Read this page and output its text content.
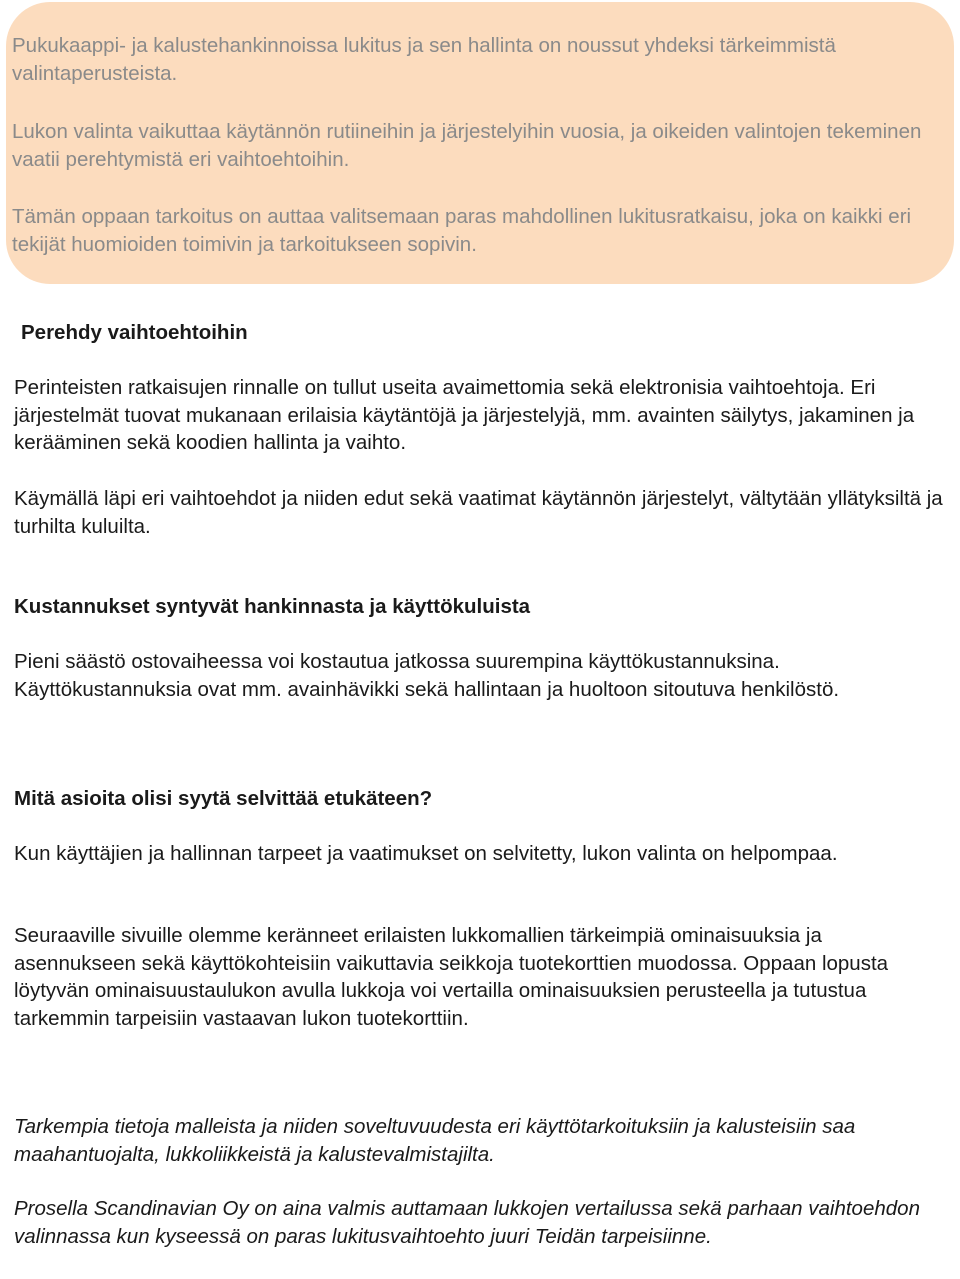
Pukukaappi- ja kalustehankinnoissa lukitus ja sen hallinta on noussut yhdeksi tärkeimmistä valintaperusteista.

Lukon valinta vaikuttaa käytännön rutiineihin ja järjestelyihin vuosia, ja oikeiden valintojen tekeminen vaatii perehtymistä eri vaihtoehtoihin.

Tämän oppaan tarkoitus on auttaa valitsemaan paras mahdollinen lukitusratkaisu, joka on kaikki eri tekijät huomioiden toimivin ja tarkoitukseen sopivin.

Perehdy vaihtoehtoihin

Perinteisten ratkaisujen rinnalle on tullut useita avaimettomia sekä elektronisia vaihtoehtoja. Eri järjestelmät tuovat mukanaan erilaisia käytäntöjä ja järjestelyjä, mm. avainten säilytys, jakaminen ja kerääminen sekä koodien hallinta ja vaihto.

Käymällä läpi eri vaihtoehdot ja niiden edut sekä vaatimat käytännön järjestelyt, vältytään yllätyksiltä ja turhilta kuluilta.

Kustannukset syntyvät hankinnasta ja käyttökuluista

Pieni säästö ostovaiheessa voi kostautua jatkossa suurempina käyttökustannuksina. Käyttökustannuksia ovat mm. avainhävikki sekä hallintaan ja huoltoon sitoutuva henkilöstö.

Mitä asioita olisi syytä selvittää etukäteen?

Kun käyttäjien ja hallinnan tarpeet ja vaatimukset on selvitetty, lukon valinta on helpompaa.

Seuraaville sivuille olemme keränneet erilaisten lukkomallien tärkeimpiä ominaisuuksia ja asennukseen sekä käyttökohteisiin vaikuttavia seikkoja tuotekorttien muodossa. Oppaan lopusta löytyvän ominaisuustaulukon avulla lukkoja voi vertailla ominaisuuksien perusteella ja tutustua tarkemmin tarpeisiin vastaavan lukon tuotekorttiin.

Tarkempia tietoja malleista ja niiden soveltuvuudesta eri käyttötarkoituksiin ja kalusteisiin saa maahantuojalta, lukkoliikkeistä ja kalustevalmistajilta.

Prosella Scandinavian Oy on aina valmis auttamaan lukkojen vertailussa sekä parhaan vaihtoehdon valinnassa kun kyseessä on paras lukitusvaihtoehto juuri Teidän tarpeisiinne.
